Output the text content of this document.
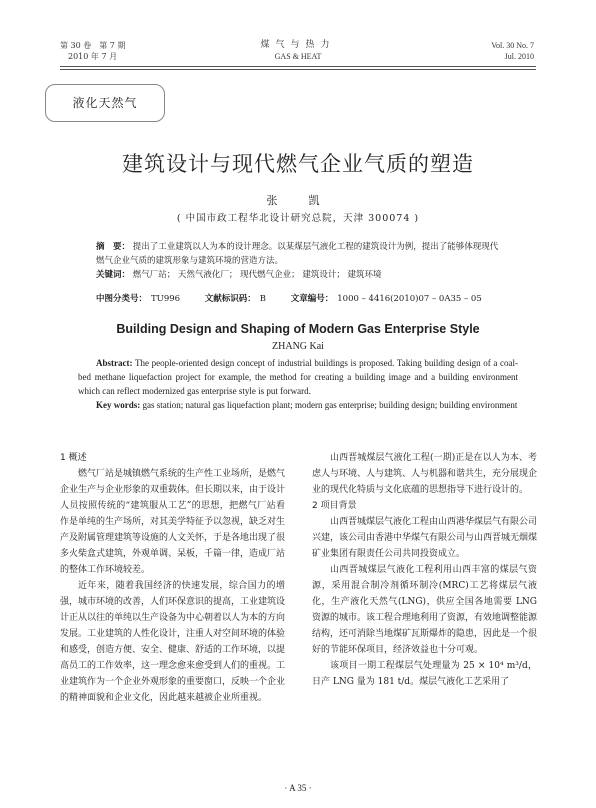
第 30 卷　第 7 期
2010 年 7 月
煤气与热力
GAS & HEAT
Vol. 30 No. 7
Jul. 2010
液化天然气
建筑设计与现代燃气企业气质的塑造
张　凯
( 中国市政工程华北设计研究总院，天津 300074 )
摘　要： 提出了工业建筑以人为本的设计理念。以某煤层气液化工程的建筑设计为例，提出了能够体现现代燃气企业气质的建筑形象与建筑环境的营造方法。
关键词： 燃气厂站； 天然气液化厂； 现代燃气企业； 建筑设计； 建筑环境
中图分类号： TU996	文献标识码： B	文章编号： 1000 – 4416(2010)07 – 0A35 – 05
Building Design and Shaping of Modern Gas Enterprise Style
ZHANG Kai
Abstract: The people-oriented design concept of industrial buildings is proposed. Taking building design of a coal-bed methane liquefaction project for example, the method for creating a building image and a building environment which can reflect modernized gas enterprise style is put forward.
Key words: gas station; natural gas liquefaction plant; modern gas enterprise; building design; building environment

1 概述

燃气厂站是城镇燃气系统的生产性工业场所，是燃气企业生产与企业形象的双重载体。但长期以来，由于设计人员按照传统的“建筑服从工艺”的思想，把燃气厂站看作是单纯的生产场所，对其美学特征予以忽视，缺乏对生产及附属管理建筑等设施的人文关怀，于是各地出现了很多火柴盒式建筑，外观单调、呆板，千篇一律，造成厂站的整体工作环境较差。

近年来，随着我国经济的快速发展，综合国力的增强，城市环境的改善，人们环保意识的提高，工业建筑设计正从以往的单纯以生产设备为中心朝着以人为本的方向发展。工业建筑的人性化设计，注重人对空间环境的体验和感受，创造方便、安全、健康、舒适的工作环境，以提高员工的工作效率，这一理念愈来愈受到人们的重视。工业建筑作为一个企业外观形象的重要窗口，反映一个企业的精神面貌和企业文化，因此越来越被企业所重视。

山西晋城煤层气液化工程(一期)正是在以人为本、考虑人与环境、人与建筑、人与机器和谐共生，充分展现企业的现代化特质与文化底蕴的思想指导下进行设计的。

2 项目背景

山西晋城煤层气液化工程由山西港华煤层气有限公司兴建，该公司由香港中华煤气有限公司与山西晋城无烟煤矿业集团有限责任公司共同投资成立。

山西晋城煤层气液化工程利用山西丰富的煤层气资源，采用混合制冷剂循环制冷(MRC)工艺将煤层气液化，生产液化天然气(LNG)，供应全国各地需要 LNG 资源的城市。该工程合理地利用了资源，有效地调整能源结构，还可消除当地煤矿瓦斯爆炸的隐患，因此是一个很好的节能环保项目，经济效益也十分可观。

该项目一期工程煤层气处理量为 25 × 10⁴ m³/d，日产 LNG 量为 181 t/d。煤层气液化工艺采用了

· A 35 ·
